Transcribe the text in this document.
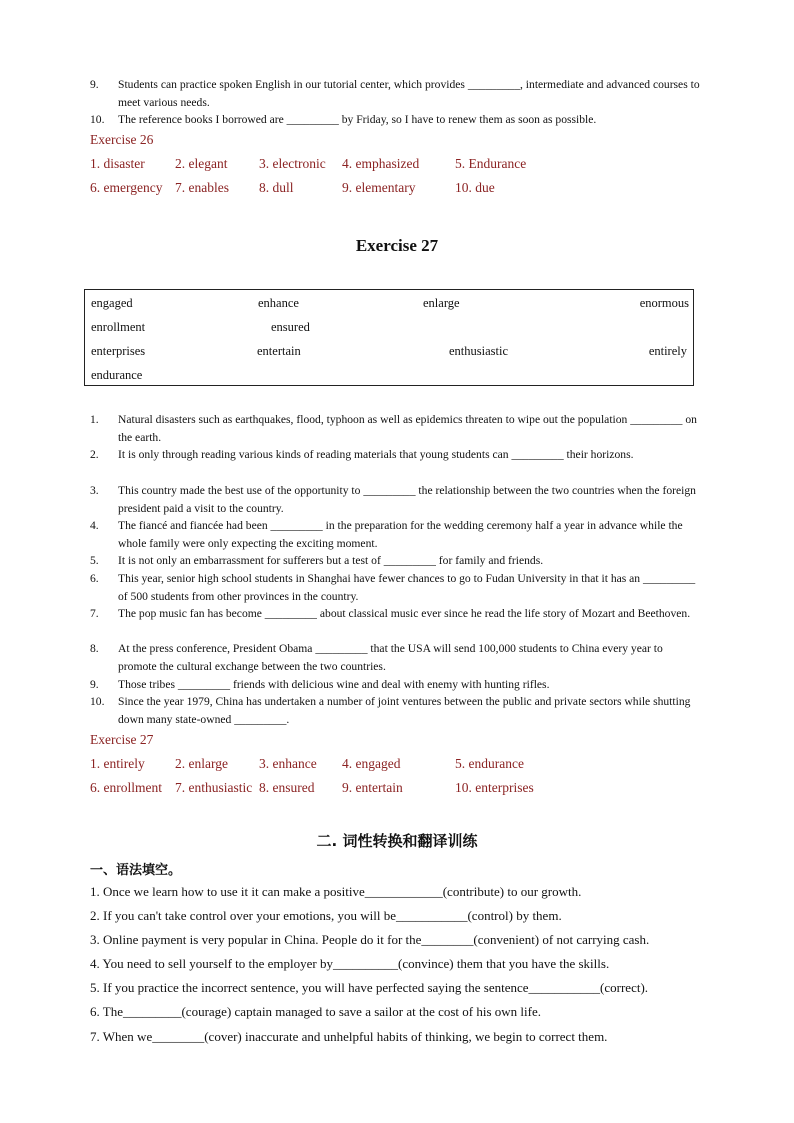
9. Students can practice spoken English in our tutorial center, which provides _________, intermediate and advanced courses to meet various needs.
10. The reference books I borrowed are _________ by Friday, so I have to renew them as soon as possible.
Exercise 26
1. disaster 2. elegant 3. electronic 4. emphasized	5. Endurance
6. emergency 7. enables 8. dull	9. elementary	10. due
Exercise 27
engaged	enhance	enlarge	enormous
enrollment	ensured
enterprises	entertain	enthusiastic	entirely
endurance
1. Natural disasters such as earthquakes, flood, typhoon as well as epidemics threaten to wipe out the population _________ on the earth.
2. It is only through reading various kinds of reading materials that young students can _________ their horizons.
3. This country made the best use of the opportunity to _________ the relationship between the two countries when the foreign president paid a visit to the country.
4. The fiancé and fiancée had been _________ in the preparation for the wedding ceremony half a year in advance while the whole family were only expecting the exciting moment.
5. It is not only an embarrassment for sufferers but a test of _________ for family and friends.
6. This year, senior high school students in Shanghai have fewer chances to go to Fudan University in that it has an _________ of 500 students from other provinces in the country.
7. The pop music fan has become _________ about classical music ever since he read the life story of Mozart and Beethoven.
8. At the press conference, President Obama _________ that the USA will send 100,000 students to China every year to promote the cultural exchange between the two countries.
9. Those tribes _________ friends with delicious wine and deal with enemy with hunting rifles.
10. Since the year 1979, China has undertaken a number of joint ventures between the public and private sectors while shutting down many state-owned _________.
Exercise 27
1. entirely 2. enlarge 3. enhance 4. engaged	5. endurance
6. enrollment 7. enthusiastic 8. ensured 9. entertain	10. enterprises
二. 词性转换和翻译训练
一、语法填空。
1. Once we learn how to use it it can make a positive____________(contribute) to our growth.
2. If you can't take control over your emotions, you will be___________(control) by them.
3. Online payment is very popular in China. People do it for the________(convenient) of not carrying cash.
4. You need to sell yourself to the employer by__________(convince) them that you have the skills.
5. If you practice the incorrect sentence, you will have perfected saying the sentence___________(correct).
6. The_________(courage) captain managed to save a sailor at the cost of his own life.
7. When we________(cover) inaccurate and unhelpful habits of thinking, we begin to correct them.
